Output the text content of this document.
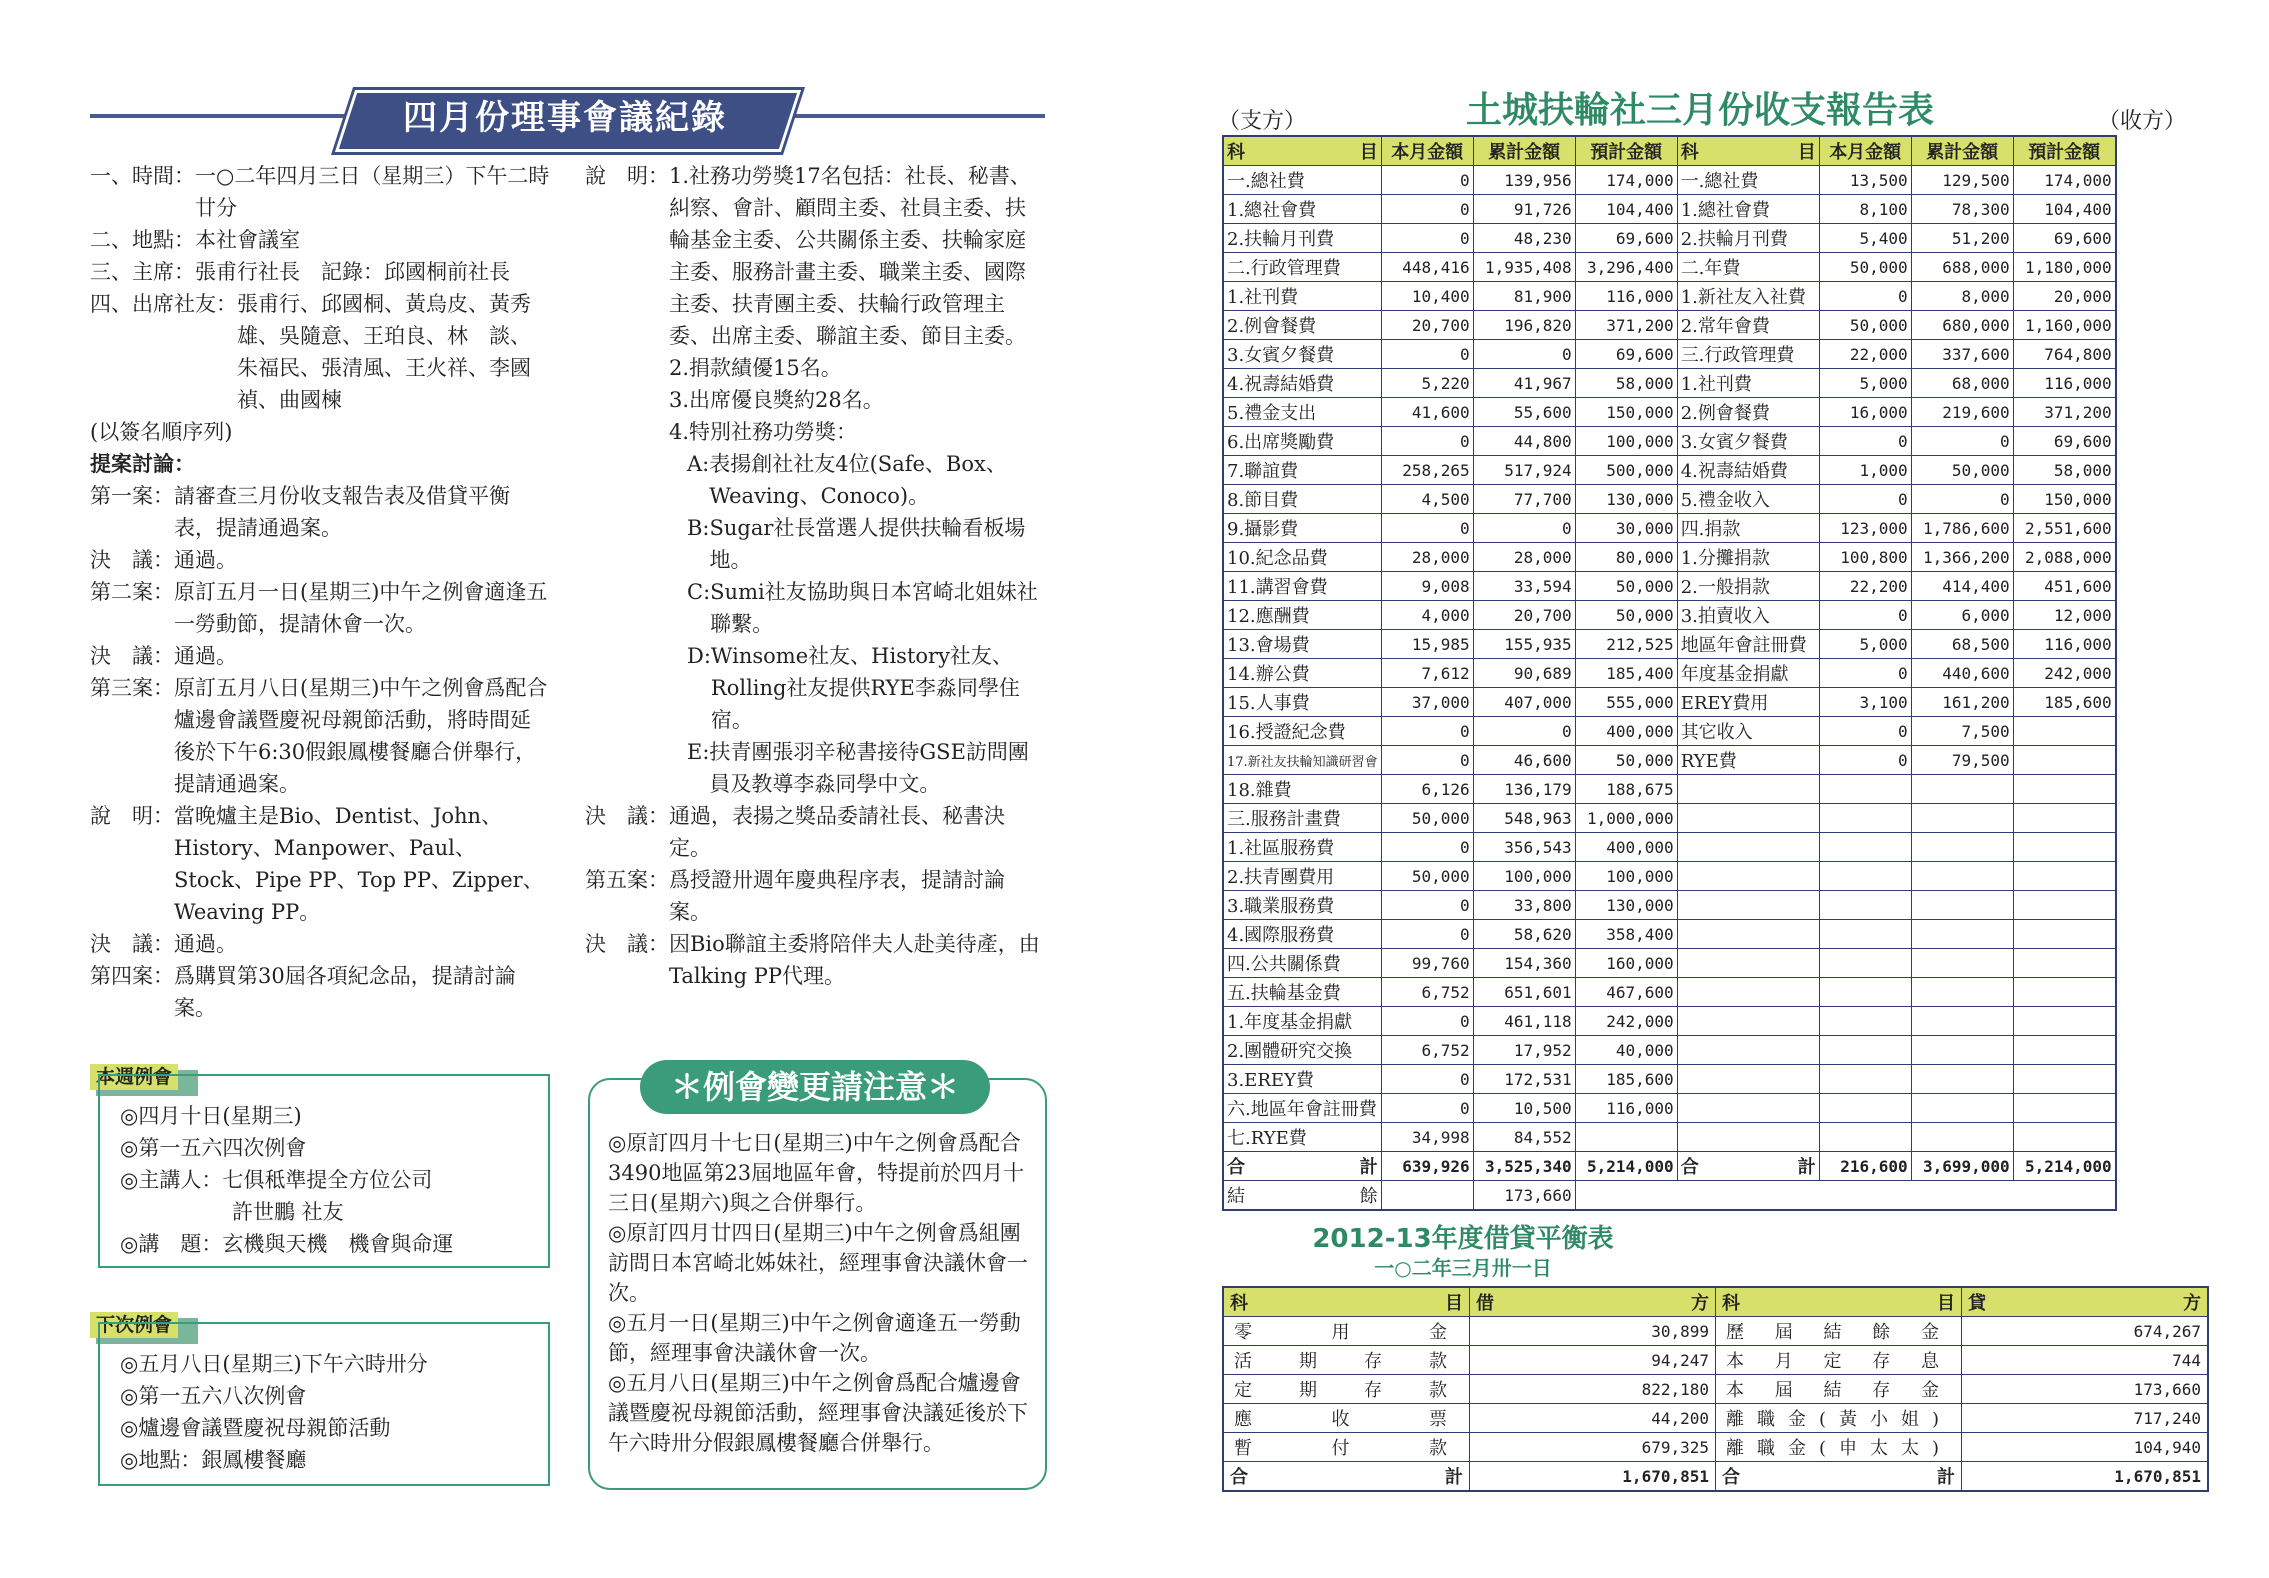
四月份理事會議紀錄
一、時間： 一○二年四月三日（星期三）下午二時廿分
二、地點： 本社會議室
三、主席： 張甫行社長　記錄：邱國桐前社長
四、出席社友： 張甫行、邱國桐、黃烏皮、黃秀雄、吳隨意、王珀良、林　談、朱福民、張清風、王火祥、李國禎、曲國楝
(以簽名順序列)
提案討論：
第一案： 請審查三月份收支報告表及借貸平衡表，提請通過案。
決　議： 通過。
第二案： 原訂五月一日(星期三)中午之例會適逢五一勞動節，提請休會一次。
決　議： 通過。
第三案： 原訂五月八日(星期三)中午之例會爲配合爐邊會議暨慶祝母親節活動，將時間延後於下午6:30假銀鳳樓餐廳合併舉行，提請通過案。
說　明： 當晚爐主是Bio、Dentist、John、History、Manpower、Paul、Stock、Pipe PP、Top PP、Zipper、Weaving PP。
決　議： 通過。
第四案： 爲購買第30屆各項紀念品，提請討論案。
說　明： 1.社務功勞獎17名包括：社長、秘書、糾察、會計、顧問主委、社員主委、扶輪基金主委、公共關係主委、扶輪家庭主委、服務計畫主委、職業主委、國際主委、扶青團主委、扶輪行政管理主委、出席主委、聯誼主委、節目主委。
2.捐款績優15名。
3.出席優良獎約28名。
4.特別社務功勞獎：
A: 表揚創社社友4位(Safe、Box、Weaving、Conoco)。
B: Sugar社長當選人提供扶輪看板場地。
C: Sumi社友協助與日本宮崎北姐妹社聯繫。
D: Winsome社友、History社友、Rolling社友提供RYE李淼同學住宿。
E: 扶青團張羽辛秘書接待GSE訪問團員及教導李淼同學中文。
決　議： 通過，表揚之獎品委請社長、秘書決定。
第五案： 爲授證卅週年慶典程序表，提請討論案。
決　議： 因Bio聯誼主委將陪伴夫人赴美待產，由Talking PP代理。
本週例會
◎四月十日(星期三)
◎第一五六四次例會
◎主講人：七俱秪準提全方位公司
許世鵬 社友
◎講　題：玄機與天機　機會與命運
下次例會
◎五月八日(星期三)下午六時卅分
◎第一五六八次例會
◎爐邊會議暨慶祝母親節活動
◎地點：銀鳳樓餐廳
＊例會變更請注意＊
◎原訂四月十七日(星期三)中午之例會爲配合3490地區第23屆地區年會，特提前於四月十三日(星期六)與之合併舉行。
◎原訂四月廿四日(星期三)中午之例會爲組團訪問日本宮崎北姊妹社，經理事會決議休會一次。
◎五月一日(星期三)中午之例會適逢五一勞動節，經理事會決議休會一次。
◎五月八日(星期三)中午之例會爲配合爐邊會議暨慶祝母親節活動，經理事會決議延後於下午六時卅分假銀鳳樓餐廳合併舉行。
（支方）	土城扶輪社三月份收支報告表	（收方）
科 目	本月金額	累計金額	預計金額	科 目	本月金額	累計金額	預計金額
一.總社費	0	139,956	174,000	一.總社費	13,500	129,500	174,000
1.總社會費	0	91,726	104,400	1.總社會費	8,100	78,300	104,400
2.扶輪月刊費	0	48,230	69,600	2.扶輪月刊費	5,400	51,200	69,600
二.行政管理費	448,416	1,935,408	3,296,400	二.年費	50,000	688,000	1,180,000
1.社刊費	10,400	81,900	116,000	1.新社友入社費	0	8,000	20,000
2.例會餐費	20,700	196,820	371,200	2.常年會費	50,000	680,000	1,160,000
3.女賓夕餐費	0	0	69,600	三.行政管理費	22,000	337,600	764,800
4.祝壽結婚費	5,220	41,967	58,000	1.社刊費	5,000	68,000	116,000
5.禮金支出	41,600	55,600	150,000	2.例會餐費	16,000	219,600	371,200
6.出席獎勵費	0	44,800	100,000	3.女賓夕餐費	0	0	69,600
7.聯誼費	258,265	517,924	500,000	4.祝壽結婚費	1,000	50,000	58,000
8.節目費	4,500	77,700	130,000	5.禮金收入	0	0	150,000
9.攝影費	0	0	30,000	四.捐款	123,000	1,786,600	2,551,600
10.紀念品費	28,000	28,000	80,000	1.分攤捐款	100,800	1,366,200	2,088,000
11.講習會費	9,008	33,594	50,000	2.一般捐款	22,200	414,400	451,600
12.應酬費	4,000	20,700	50,000	3.拍賣收入	0	6,000	12,000
13.會場費	15,985	155,935	212,525	地區年會註冊費	5,000	68,500	116,000
14.辦公費	7,612	90,689	185,400	年度基金捐獻	0	440,600	242,000
15.人事費	37,000	407,000	555,000	EREY費用	3,100	161,200	185,600
16.授證紀念費	0	0	400,000	其它收入	0	7,500	
17.新社友扶輪知識研習會	0	46,600	50,000	RYE費	0	79,500	
18.雜費	6,126	136,179	188,675				
三.服務計畫費	50,000	548,963	1,000,000				
1.社區服務費	0	356,543	400,000				
2.扶青團費用	50,000	100,000	100,000				
3.職業服務費	0	33,800	130,000				
4.國際服務費	0	58,620	358,400				
四.公共關係費	99,760	154,360	160,000				
五.扶輪基金費	6,752	651,601	467,600				
1.年度基金捐獻	0	461,118	242,000				
2.團體研究交換	6,752	17,952	40,000				
3.EREY費	0	172,531	185,600				
六.地區年會註冊費	0	10,500	116,000				
七.RYE費	34,998	84,552					

合 計	639,926	3,525,340	5,214,000	合 計	216,600	3,699,000	5,214,000

結 餘		173,660					
2012-13年度借貸平衡表
一○二年三月卅一日
科 目	借 方	科 目	貸 方

零用金	30,899	歷屆結餘金	674,267
活期存款	94,247	本月定存息	744
定期存款	822,180	本屆結存金	173,660
應收票	44,200	離職金(黃小姐)	717,240
暫付款	679,325	離職金(申太太)	104,940

合 計	1,670,851	合 計	1,670,851
